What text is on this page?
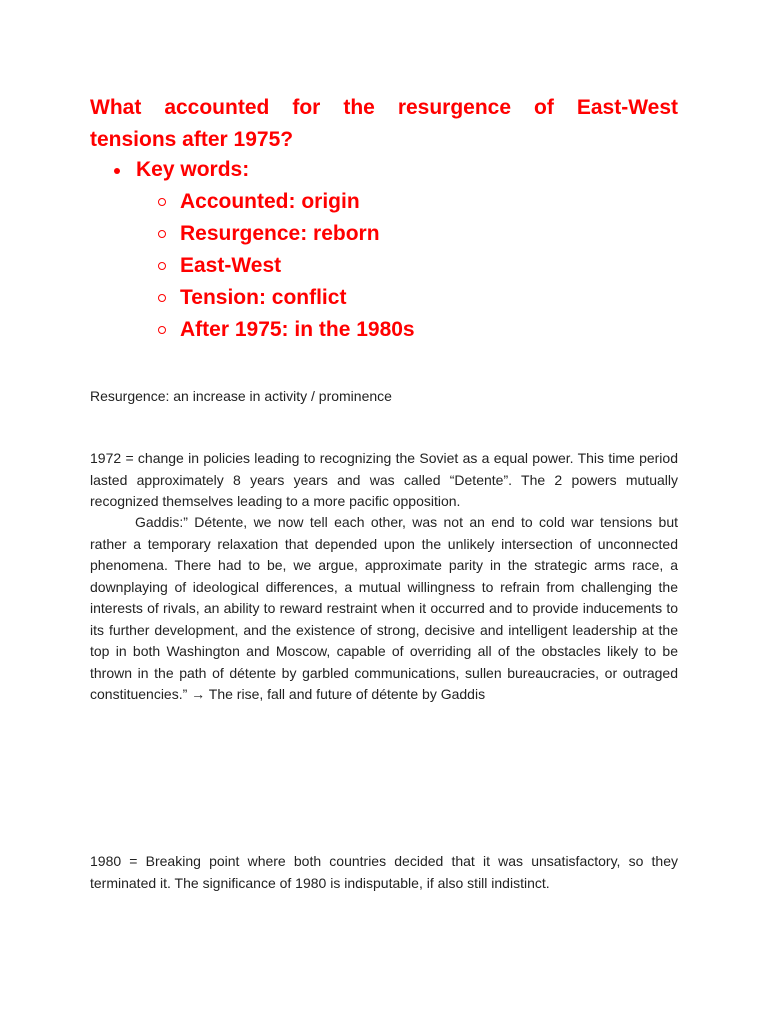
What accounted for the resurgence of East-West
tensions after 1975?
Key words:
Accounted: origin
Resurgence: reborn
East-West
Tension: conflict
After 1975: in the 1980s

Resurgence: an increase in activity / prominence

1972 = change in policies leading to recognizing the Soviet as a equal power. This time period lasted approximately 8 years years and was called “Detente”. The 2 powers mutually recognized themselves leading to a more pacific opposition.

Gaddis:” Détente, we now tell each other, was not an end to cold war tensions but rather a temporary relaxation that depended upon the unlikely intersection of unconnected phenomena. There had to be, we argue, approximate parity in the strategic arms race, a downplaying of ideological differences, a mutual willingness to refrain from challenging the interests of rivals, an ability to reward restraint when it occurred and to provide inducements to its further development, and the existence of strong, decisive and intelligent leadership at the top in both Washington and Moscow, capable of overriding all of the obstacles likely to be thrown in the path of détente by garbled communications, sullen bureaucracies, or outraged constituencies.” → The rise, fall and future of détente by Gaddis

1980 = Breaking point where both countries decided that it was unsatisfactory, so they terminated it. The significance of 1980 is indisputable, if also still indistinct.
